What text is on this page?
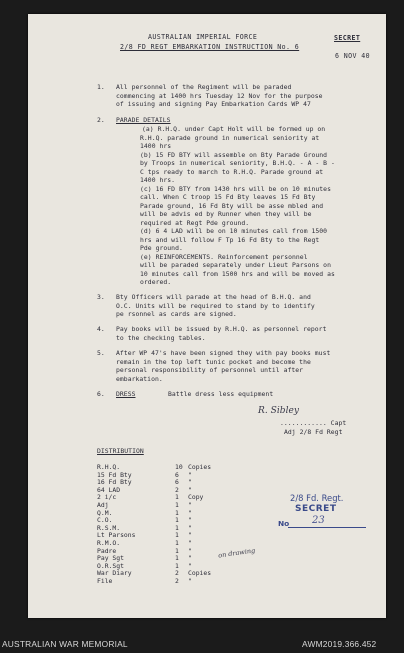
AUSTRALIAN IMPERIAL FORCE
2/8 FD REGT EMBARKATION INSTRUCTION No. 6
SECRET
6 NOV 40
1. All personnel of the Regiment will be paraded
commencing at 1400 hrs Tuesday 12 Nov for the purpose
of issuing and signing Pay Embarkation Cards WP 47
2. PARADE DETAILS
(a) R.H.Q. under Capt Holt will be formed up on
R.H.Q. parade ground in numerical seniority at
1400 hrs
(b) 15 FD BTY will assemble on Bty Parade Ground
by Troops in numerical seniority, B.H.Q. - A - B -
C tps ready to march to R.H.Q. Parade ground at
1400 hrs.
(c) 16 FD BTY from 1430 hrs will be on 10 minutes
call. When C troop 15 Fd Bty leaves 15 Fd Bty
Parade ground, 16 Fd Bty will be asse mbled and
will be advis ed by Runner when they will be
required at Regt Pde ground.
(d) 6 4 LAD will be on 10 minutes call from 1500
hrs and will follow F Tp 16 Fd Bty to the Regt
Pde ground.
(e) REINFORCEMENTS. Reinforcement personnel
will be paraded separately under Lieut Parsons on
10 minutes call from 1500 hrs and will be moved as
ordered.
3. Bty Officers will parade at the head of B.H.Q. and
O.C. Units will be required to stand by to identify
pe rsonnel as cards are signed.
4. Pay books will be issued by R.H.Q. as personnel report
to the checking tables.
5. After WP 47's have been signed they with pay books must
remain in the top left tunic pocket and become the
personal responsibility of personnel until after
embarkation.
6. DRESS	Battle dress less equipment
R. Sibley
............ Capt
Adj 2/8 Fd Regt
DISTRIBUTION
R.H.Q.	10 Copies
15 Fd Bty	6 "
16 Fd Bty	6 "
64 LAD	2 "
2 i/c	1 Copy
Adj	1 "
Q.M.	1 "
C.O.	1 "
R.S.M.	1 "
Lt Parsons	1 "
R.M.O.	1 "
Padre	1 "
Pay Sgt	1 "
O.R.Sgt	1 "
War Diary	2 Copies
File	2 "
on drawing
2/8 Fd. Regt.
SECRET
No 23
AUSTRALIAN WAR MEMORIAL	AWM2019.366.452
